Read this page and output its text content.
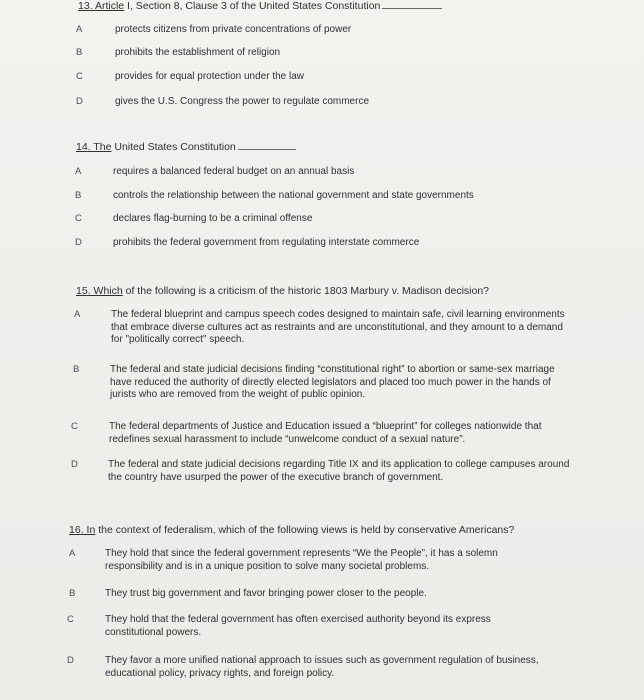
13. Article I, Section 8, Clause 3 of the United States Constitution
A	protects citizens from private concentrations of power
B	prohibits the establishment of religion
C	provides for equal protection under the law
D	gives the U.S. Congress the power to regulate commerce
14. The United States Constitution
A	requires a balanced federal budget on an annual basis
B	controls the relationship between the national government and state governments
C	declares flag-burning to be a criminal offense
D	prohibits the federal government from regulating interstate commerce
15. Which of the following is a criticism of the historic 1803 Marbury v. Madison decision?
A	The federal blueprint and campus speech codes designed to maintain safe, civil learning environments that embrace diverse cultures act as restraints and are unconstitutional, and they amount to a demand for "politically correct" speech.
B	The federal and state judicial decisions finding “constitutional right” to abortion or same-sex marriage have reduced the authority of directly elected legislators and placed too much power in the hands of jurists who are removed from the weight of public opinion.
C	The federal departments of Justice and Education issued a “blueprint” for colleges nationwide that redefines sexual harassment to include “unwelcome conduct of a sexual nature”.
D	The federal and state judicial decisions regarding Title IX and its application to college campuses around the country have usurped the power of the executive branch of government.
16. In the context of federalism, which of the following views is held by conservative Americans?
A	They hold that since the federal government represents “We the People”, it has a solemn responsibility and is in a unique position to solve many societal problems.
B	They trust big government and favor bringing power closer to the people.
C	They hold that the federal government has often exercised authority beyond its express constitutional powers.
D	They favor a more unified national approach to issues such as government regulation of business, educational policy, privacy rights, and foreign policy.
